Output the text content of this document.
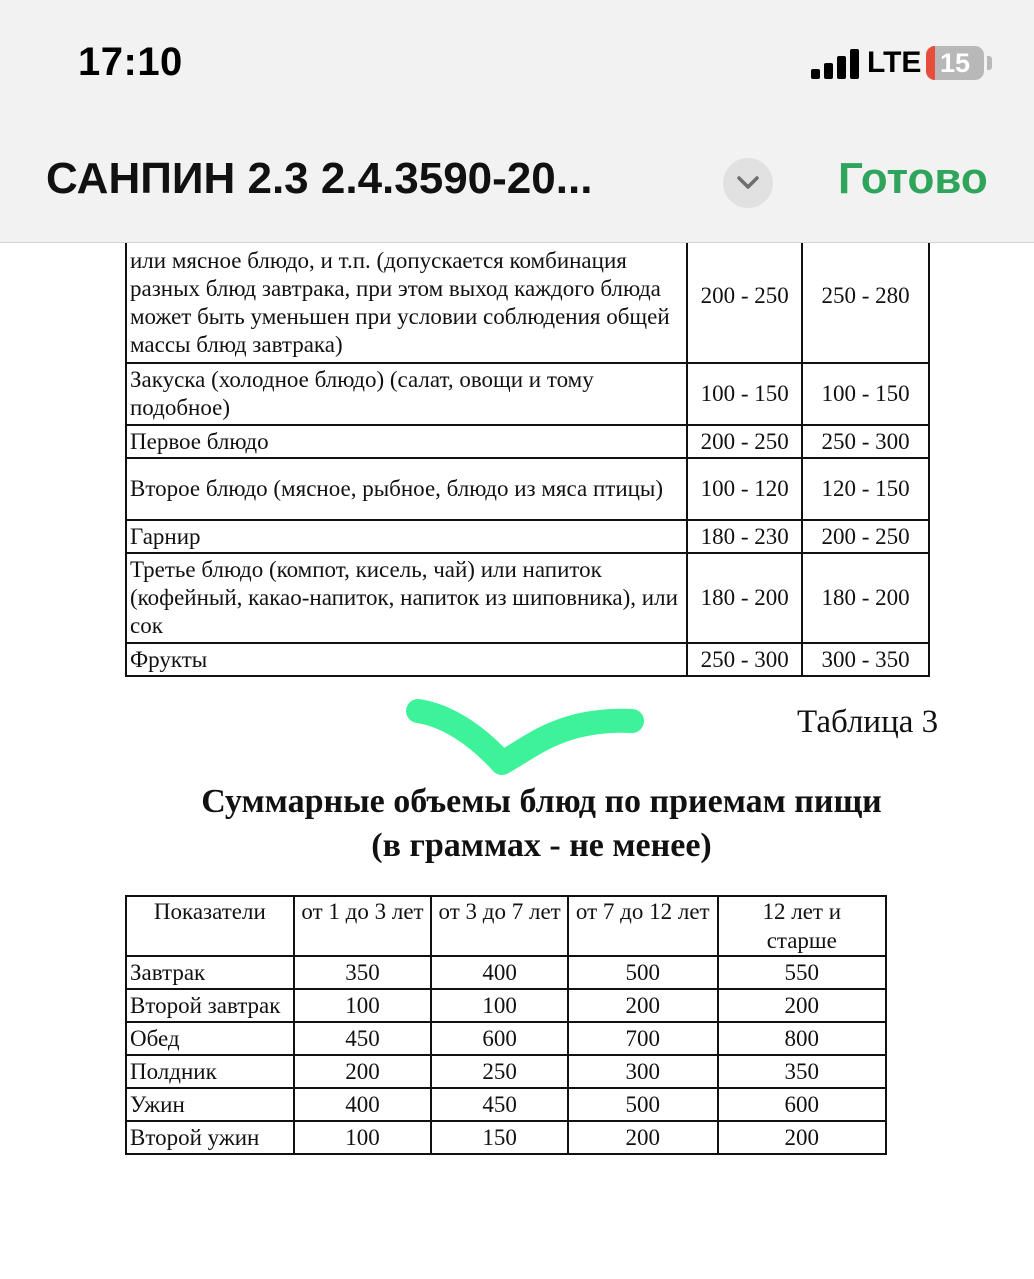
или мясное блюдо, и т.п. (допускается комбинация разных блюд завтрака, при этом выход каждого блюда может быть уменьшен при условии соблюдения общей массы блюд завтрака)	200 - 250	250 - 280
Закуска (холодное блюдо) (салат, овощи и тому подобное)	100 - 150	100 - 150
Первое блюдо	200 - 250	250 - 300
Второе блюдо (мясное, рыбное, блюдо из мяса птицы)	100 - 120	120 - 150
Гарнир	180 - 230	200 - 250
Третье блюдо (компот, кисель, чай) или напиток (кофейный, какао-напиток, напиток из шиповника), или сок	180 - 200	180 - 200
Фрукты	250 - 300	300 - 350
Таблица 3
Суммарные объемы блюд по приемам пищи
(в граммах - не менее)
Показатели	от 1 до 3 лет	от 3 до 7 лет	от 7 до 12 лет	12 лет и старше
Завтрак	350	400	500	550
Второй завтрак	100	100	200	200
Обед	450	600	700	800
Полдник	200	250	300	350
Ужин	400	450	500	600
Второй ужин	100	150	200	200
17:10	LTE 15
САНПИН 2.3 2.4.3590-20...	Готово
